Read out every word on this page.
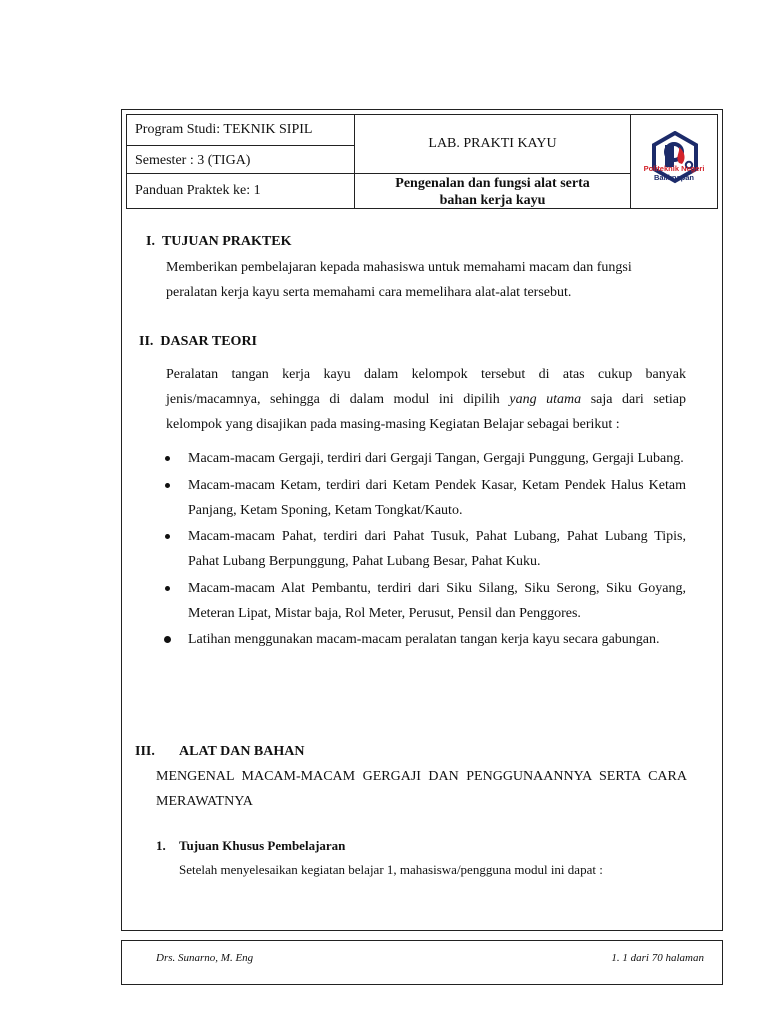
Program Studi: TEKNIK SIPIL
Semester : 3 (TIGA)
Panduan Praktek ke: 1
LAB. PRAKTI KAYU
Pengenalan dan fungsi alat serta
bahan kerja kayu
Politeknik Negeri
Balikpapan
I. TUJUAN PRAKTEK
Memberikan pembelajaran kepada mahasiswa untuk memahami macam dan fungsi
peralatan kerja kayu serta memahami cara memelihara alat-alat tersebut.
II. DASAR TEORI
Peralatan tangan kerja kayu dalam kelompok tersebut di atas cukup banyak
jenis/macamnya, sehingga di dalam modul ini dipilih yang utama saja dari setiap
kelompok yang disajikan pada masing-masing Kegiatan Belajar sebagai berikut :
Macam-macam Gergaji, terdiri dari Gergaji Tangan, Gergaji Punggung, Gergaji Lubang.
Macam-macam Ketam, terdiri dari Ketam Pendek Kasar, Ketam Pendek Halus Ketam Panjang, Ketam Sponing, Ketam Tongkat/Kauto.
Macam-macam Pahat, terdiri dari Pahat Tusuk, Pahat Lubang, Pahat Lubang Tipis, Pahat Lubang Berpunggung, Pahat Lubang Besar, Pahat Kuku.
Macam-macam Alat Pembantu, terdiri dari Siku Silang, Siku Serong, Siku Goyang, Meteran Lipat, Mistar baja, Rol Meter, Perusut, Pensil dan Penggores.
Latihan menggunakan macam-macam peralatan tangan kerja kayu secara gabungan.
III. ALAT DAN BAHAN
MENGENAL MACAM-MACAM GERGAJI DAN PENGGUNAANNYA SERTA CARA
MERAWATNYA
1. Tujuan Khusus Pembelajaran
Setelah menyelesaikan kegiatan belajar 1, mahasiswa/pengguna modul ini dapat :
Drs. Sunarno, M. Eng	1. 1 dari 70 halaman
